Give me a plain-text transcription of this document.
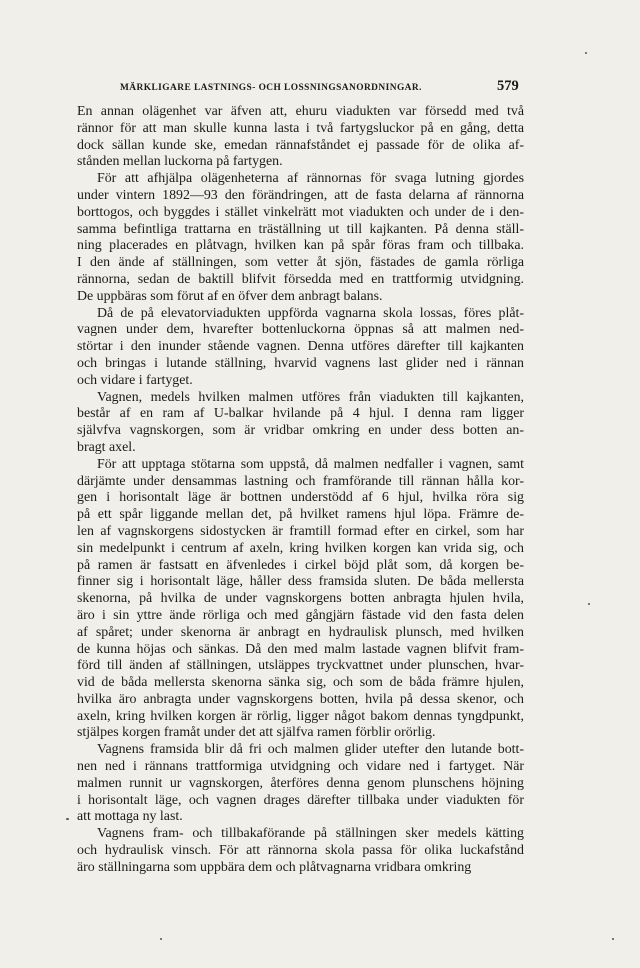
MÄRKLIGARE LASTNINGS- OCH LOSSNINGSANORDNINGAR.	579
En annan olägenhet var äfven att, ehuru viadukten var försedd med två
rännor för att man skulle kunna lasta i två fartygsluckor på en gång, detta
dock sällan kunde ske, emedan rännafståndet ej passade för de olika af-
stånden mellan luckorna på fartygen.
För att afhjälpa olägenheterna af rännornas för svaga lutning gjordes
under vintern 1892—93 den förändringen, att de fasta delarna af rännorna
borttogos, och byggdes i stället vinkelrätt mot viadukten och under de i den-
samma befintliga trattarna en träställning ut till kajkanten. På denna ställ-
ning placerades en plåtvagn, hvilken kan på spår föras fram och tillbaka.
I den ände af ställningen, som vetter åt sjön, fästades de gamla rörliga
rännorna, sedan de baktill blifvit försedda med en trattformig utvidgning.
De uppbäras som förut af en öfver dem anbragt balans.
Då de på elevatorviadukten uppförda vagnarna skola lossas, föres plåt-
vagnen under dem, hvarefter bottenluckorna öppnas så att malmen ned-
störtar i den inunder stående vagnen. Denna utföres därefter till kajkanten
och bringas i lutande ställning, hvarvid vagnens last glider ned i rännan
och vidare i fartyget.
Vagnen, medels hvilken malmen utföres från viadukten till kajkanten,
består af en ram af U-balkar hvilande på 4 hjul. I denna ram ligger
självfva vagnskorgen, som är vridbar omkring en under dess botten an-
bragt axel.
För att upptaga stötarna som uppstå, då malmen nedfaller i vagnen, samt
därjämte under densammas lastning och framförande till rännan hålla kor-
gen i horisontalt läge är bottnen understödd af 6 hjul, hvilka röra sig
på ett spår liggande mellan det, på hvilket ramens hjul löpa. Främre de-
len af vagnskorgens sidostycken är framtill formad efter en cirkel, som har
sin medelpunkt i centrum af axeln, kring hvilken korgen kan vrida sig, och
på ramen är fastsatt en äfvenledes i cirkel böjd plåt som, då korgen be-
finner sig i horisontalt läge, håller dess framsida sluten. De båda mellersta
skenorna, på hvilka de under vagnskorgens botten anbragta hjulen hvila,
äro i sin yttre ände rörliga och med gångjärn fästade vid den fasta delen
af spåret; under skenorna är anbragt en hydraulisk plunsch, med hvilken
de kunna höjas och sänkas. Då den med malm lastade vagnen blifvit fram-
förd till änden af ställningen, utsläppes tryckvattnet under plunschen, hvar-
vid de båda mellersta skenorna sänka sig, och som de båda främre hjulen,
hvilka äro anbragta under vagnskorgens botten, hvila på dessa skenor, och
axeln, kring hvilken korgen är rörlig, ligger något bakom dennas tyngdpunkt,
stjälpes korgen framåt under det att själfva ramen förblir orörlig.
Vagnens framsida blir då fri och malmen glider utefter den lutande bott-
nen ned i rännans trattformiga utvidgning och vidare ned i fartyget. När
malmen runnit ur vagnskorgen, återföres denna genom plunschens höjning
i horisontalt läge, och vagnen drages därefter tillbaka under viadukten för
att mottaga ny last.
Vagnens fram- och tillbakaförande på ställningen sker medels kätting
och hydraulisk vinsch. För att rännorna skola passa för olika luckafstånd
äro ställningarna som uppbära dem och plåtvagnarna vridbara omkring
